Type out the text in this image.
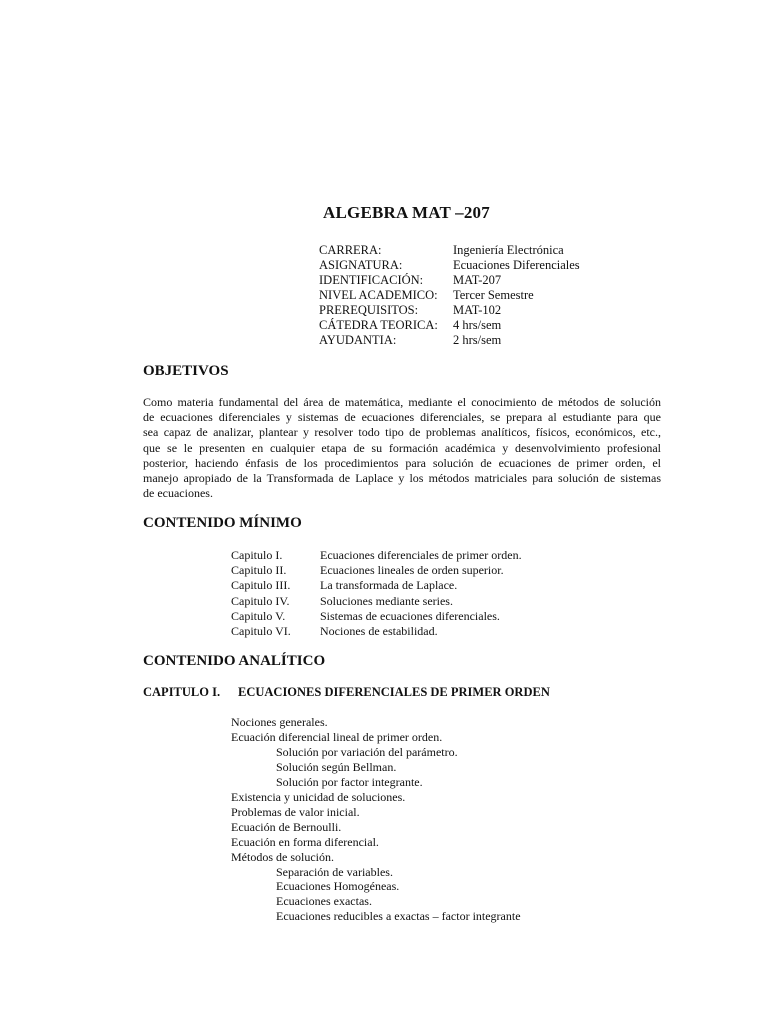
ALGEBRA MAT –207
CARRERA:	Ingeniería Electrónica
ASIGNATURA:	Ecuaciones Diferenciales
IDENTIFICACIÓN: MAT-207
NIVEL ACADEMICO: Tercer Semestre
PREREQUISITOS:	MAT-102
CÁTEDRA TEORICA: 4 hrs/sem
AYUDANTIA:	2 hrs/sem
OBJETIVOS
Como materia fundamental del área de matemática, mediante el conocimiento de métodos de solución
de ecuaciones diferenciales y sistemas de ecuaciones diferenciales, se prepara al estudiante para que
sea capaz de analizar, plantear y resolver todo tipo de problemas analíticos, físicos, económicos, etc.,
que se le presenten en cualquier etapa de su formación académica y desenvolvimiento profesional
posterior, haciendo énfasis de los procedimientos para solución de ecuaciones de primer orden, el
manejo apropiado de la Transformada de Laplace y los métodos matriciales para solución de sistemas
de ecuaciones.
CONTENIDO MÍNIMO
Capitulo I.	Ecuaciones diferenciales de primer orden.
Capitulo II.	Ecuaciones lineales de orden superior.
Capitulo III. La transformada de Laplace.
Capitulo IV.	Soluciones mediante series.
Capitulo V.	Sistemas de ecuaciones diferenciales.
Capitulo VI. Nociones de estabilidad.
CONTENIDO ANALÍTICO
CAPITULO I. ECUACIONES DIFERENCIALES DE PRIMER ORDEN
Nociones generales.
Ecuación diferencial lineal de primer orden.
Solución por variación del parámetro.
Solución según Bellman.
Solución por factor integrante.
Existencia y unicidad de soluciones.
Problemas de valor inicial.
Ecuación de Bernoulli.
Ecuación en forma diferencial.
Métodos de solución.
Separación de variables.
Ecuaciones Homogéneas.
Ecuaciones exactas.
Ecuaciones reducibles a exactas – factor integrante
